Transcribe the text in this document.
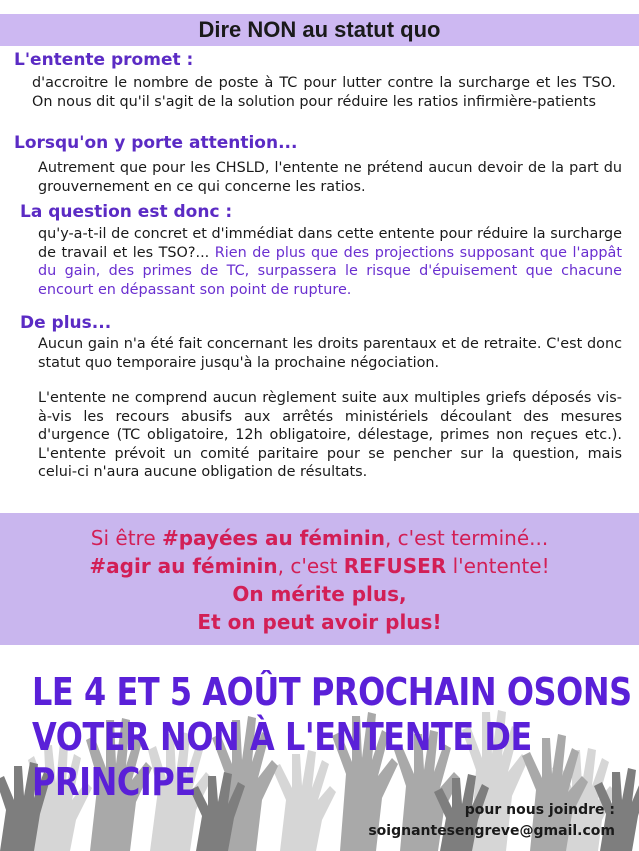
Dire NON au statut quo
L'entente promet :
d'accroitre le nombre de poste à TC pour lutter contre la surcharge et les TSO. On nous dit qu'il s'agit de la solution pour réduire les ratios infirmière-patients
Lorsqu'on y porte attention...
Autrement que pour les CHSLD, l'entente ne prétend aucun devoir de la part du grouvernement en ce qui concerne les ratios.
La question est donc :
qu'y-a-t-il de concret et d'immédiat dans cette entente pour réduire la surcharge de travail et les TSO?... Rien de plus que des projections supposant que l'appât du gain, des primes de TC, surpassera le risque d'épuisement que chacune encourt en dépassant son point de rupture.
De plus...
Aucun gain n'a été fait concernant les droits parentaux et de retraite. C'est donc statut quo temporaire jusqu'à la prochaine négociation.
L'entente ne comprend aucun règlement suite aux multiples griefs déposés vis-à-vis les recours abusifs aux arrêtés ministériels découlant des mesures d'urgence (TC obligatoire, 12h obligatoire, délestage, primes non reçues etc.). L'entente prévoit un comité paritaire pour se pencher sur la question, mais celui-ci n'aura aucune obligation de résultats.
Si être #payées au féminin, c'est terminé...
#agir au féminin, c'est REFUSER l'entente!
On mérite plus,
Et on peut avoir plus!
LE 4 ET 5 AOÛT PROCHAIN OSONS
VOTER NON À L'ENTENTE DE
PRINCIPE
pour nous joindre :
soignantesengreve@gmail.com
